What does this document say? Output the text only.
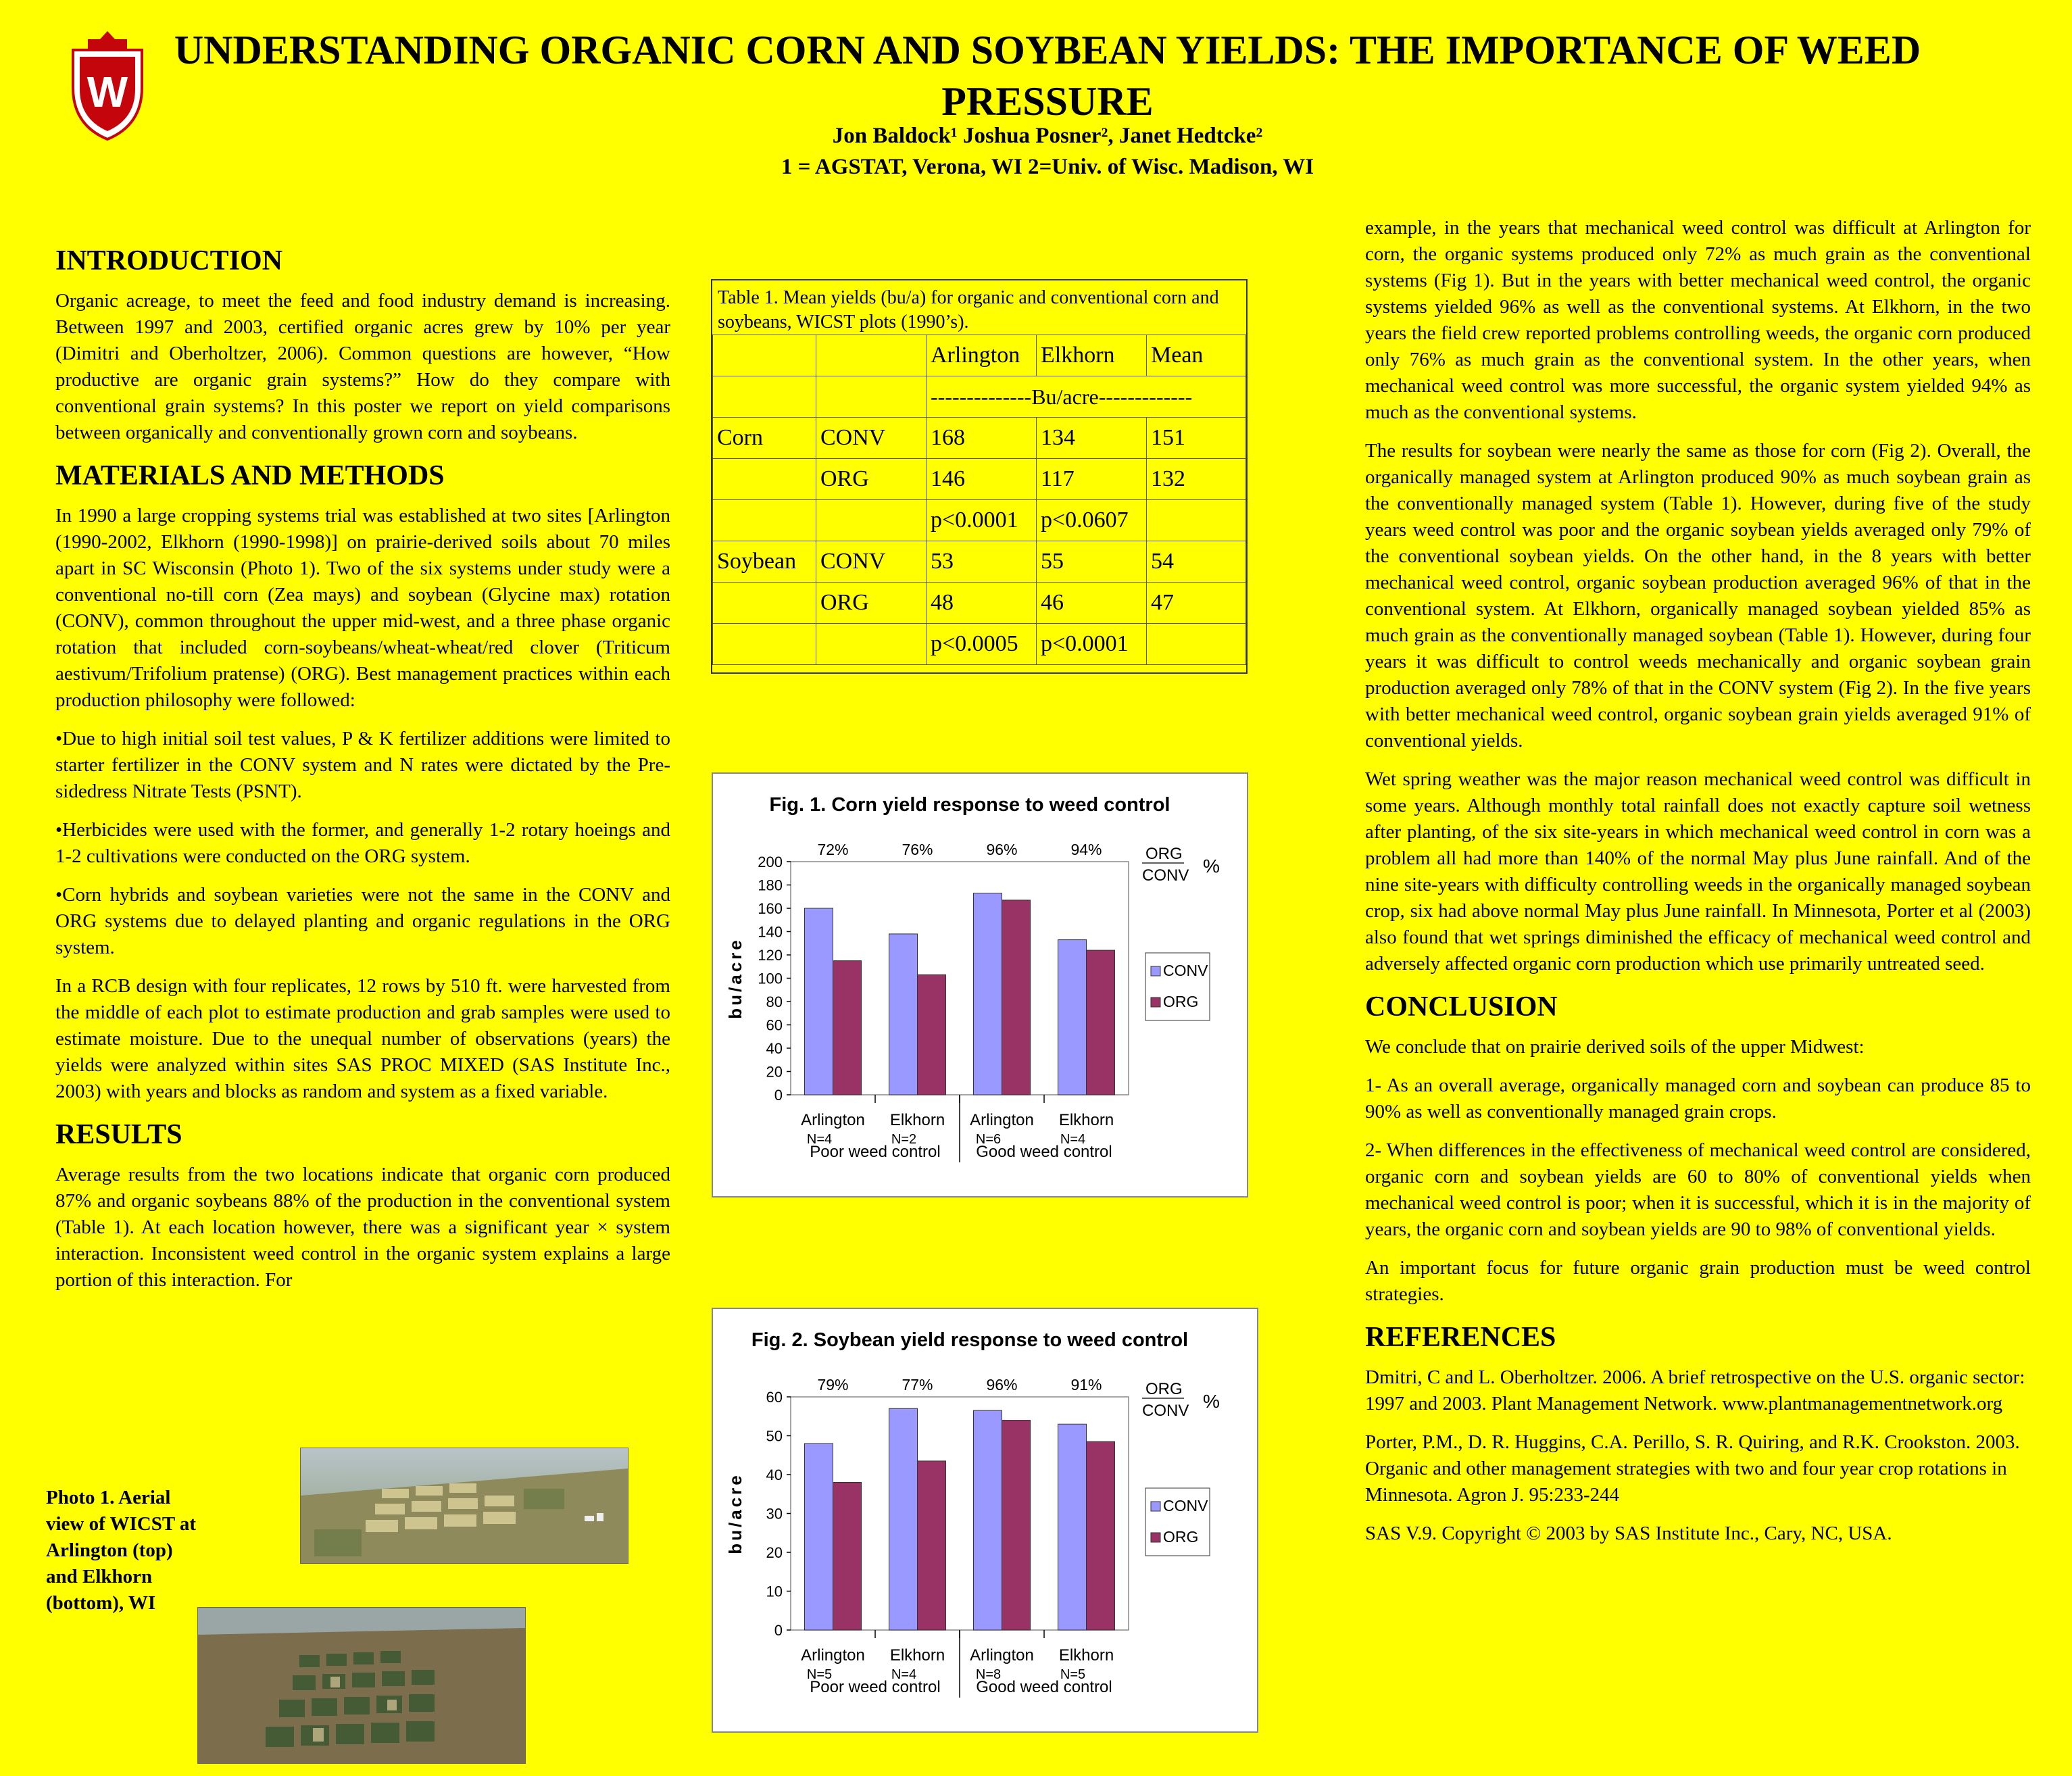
W
UNDERSTANDING ORGANIC CORN AND SOYBEAN YIELDS: THE IMPORTANCE OF WEED PRESSURE
Jon Baldock¹ Joshua Posner², Janet Hedtcke²
1 = AGSTAT, Verona, WI 2=Univ. of Wisc. Madison, WI
INTRODUCTION

Organic acreage, to meet the feed and food industry demand is increasing. Between 1997 and 2003, certified organic acres grew by 10% per year (Dimitri and Oberholtzer, 2006). Common questions are however, “How productive are organic grain systems?” How do they compare with conventional grain systems? In this poster we report on yield comparisons between organically and conventionally grown corn and soybeans.

MATERIALS AND METHODS

In 1990 a large cropping systems trial was established at two sites [Arlington (1990-2002, Elkhorn (1990-1998)] on prairie-derived soils about 70 miles apart in SC Wisconsin (Photo 1). Two of the six systems under study were a conventional no-till corn (Zea mays) and soybean (Glycine max) rotation (CONV), common throughout the upper mid-west, and a three phase organic rotation that included corn-soybeans/wheat-wheat/red clover (Triticum aestivum/Trifolium pratense) (ORG). Best management practices within each production philosophy were followed:

•Due to high initial soil test values, P & K fertilizer additions were limited to starter fertilizer in the CONV system and N rates were dictated by the Pre-sidedress Nitrate Tests (PSNT).

•Herbicides were used with the former, and generally 1-2 rotary hoeings and 1-2 cultivations were conducted on the ORG system.

•Corn hybrids and soybean varieties were not the same in the CONV and ORG systems due to delayed planting and organic regulations in the ORG system.

In a RCB design with four replicates, 12 rows by 510 ft. were harvested from the middle of each plot to estimate production and grab samples were used to estimate moisture. Due to the unequal number of observations (years) the yields were analyzed within sites SAS PROC MIXED (SAS Institute Inc., 2003) with years and blocks as random and system as a fixed variable.

RESULTS

Average results from the two locations indicate that organic corn produced 87% and organic soybeans 88% of the production in the conventional system (Table 1). At each location however, there was a significant year × system interaction. Inconsistent weed control in the organic system explains a large portion of this interaction. For

Table 1. Mean yields (bu/a) for organic and conventional corn and soybeans, WICST plots (1990’s).
		Arlington	Elkhorn	Mean
		--------------Bu/acre-------------		
Corn	CONV	168	134	151
	ORG	146	117	132
		p<0.0001	p<0.0607	
Soybean	CONV	53	55	54
	ORG	48	46	47
		p<0.0005	p<0.0001	
Fig. 1. Corn yield response to weed control
0
20
40
60
80
100
120
140
160
180
200
bu/acre
72%
Arlington
N=4
76%
Elkhorn
N=2
96%
Arlington
N=6
94%
Elkhorn
N=4
Poor weed control Good weed control
ORG
CONV %
CONV
ORG
Fig. 2. Soybean yield response to weed control
0
10
20
30
40
50
60
bu/acre
79%
Arlington
N=5
77%
Elkhorn
N=4
96%
Arlington
N=8
91%
Elkhorn
N=5
Poor weed control Good weed control
ORG
CONV %
CONV
ORG
Photo 1. Aerial view of WICST at Arlington (top) and Elkhorn (bottom), WI

example, in the years that mechanical weed control was difficult at Arlington for corn, the organic systems produced only 72% as much grain as the conventional systems (Fig 1). But in the years with better mechanical weed control, the organic systems yielded 96% as well as the conventional systems. At Elkhorn, in the two years the field crew reported problems controlling weeds, the organic corn produced only 76% as much grain as the conventional system. In the other years, when mechanical weed control was more successful, the organic system yielded 94% as much as the conventional systems.

The results for soybean were nearly the same as those for corn (Fig 2). Overall, the organically managed system at Arlington produced 90% as much soybean grain as the conventionally managed system (Table 1). However, during five of the study years weed control was poor and the organic soybean yields averaged only 79% of the conventional soybean yields. On the other hand, in the 8 years with better mechanical weed control, organic soybean production averaged 96% of that in the conventional system. At Elkhorn, organically managed soybean yielded 85% as much grain as the conventionally managed soybean (Table 1). However, during four years it was difficult to control weeds mechanically and organic soybean grain production averaged only 78% of that in the CONV system (Fig 2). In the five years with better mechanical weed control, organic soybean grain yields averaged 91% of conventional yields.

Wet spring weather was the major reason mechanical weed control was difficult in some years. Although monthly total rainfall does not exactly capture soil wetness after planting, of the six site-years in which mechanical weed control in corn was a problem all had more than 140% of the normal May plus June rainfall. And of the nine site-years with difficulty controlling weeds in the organically managed soybean crop, six had above normal May plus June rainfall. In Minnesota, Porter et al (2003) also found that wet springs diminished the efficacy of mechanical weed control and adversely affected organic corn production which use primarily untreated seed.

CONCLUSION

We conclude that on prairie derived soils of the upper Midwest:

1- As an overall average, organically managed corn and soybean can produce 85 to 90% as well as conventionally managed grain crops.

2- When differences in the effectiveness of mechanical weed control are considered, organic corn and soybean yields are 60 to 80% of conventional yields when mechanical weed control is poor; when it is successful, which it is in the majority of years, the organic corn and soybean yields are 90 to 98% of conventional yields.

An important focus for future organic grain production must be weed control strategies.

REFERENCES

Dmitri, C and L. Oberholtzer. 2006. A brief retrospective on the U.S. organic sector: 1997 and 2003. Plant Management Network. www.plantmanagementnetwork.org

Porter, P.M., D. R. Huggins, C.A. Perillo, S. R. Quiring, and R.K. Crookston. 2003. Organic and other management strategies with two and four year crop rotations in Minnesota. Agron J. 95:233-244

SAS V.9. Copyright © 2003 by SAS Institute Inc., Cary, NC, USA.
